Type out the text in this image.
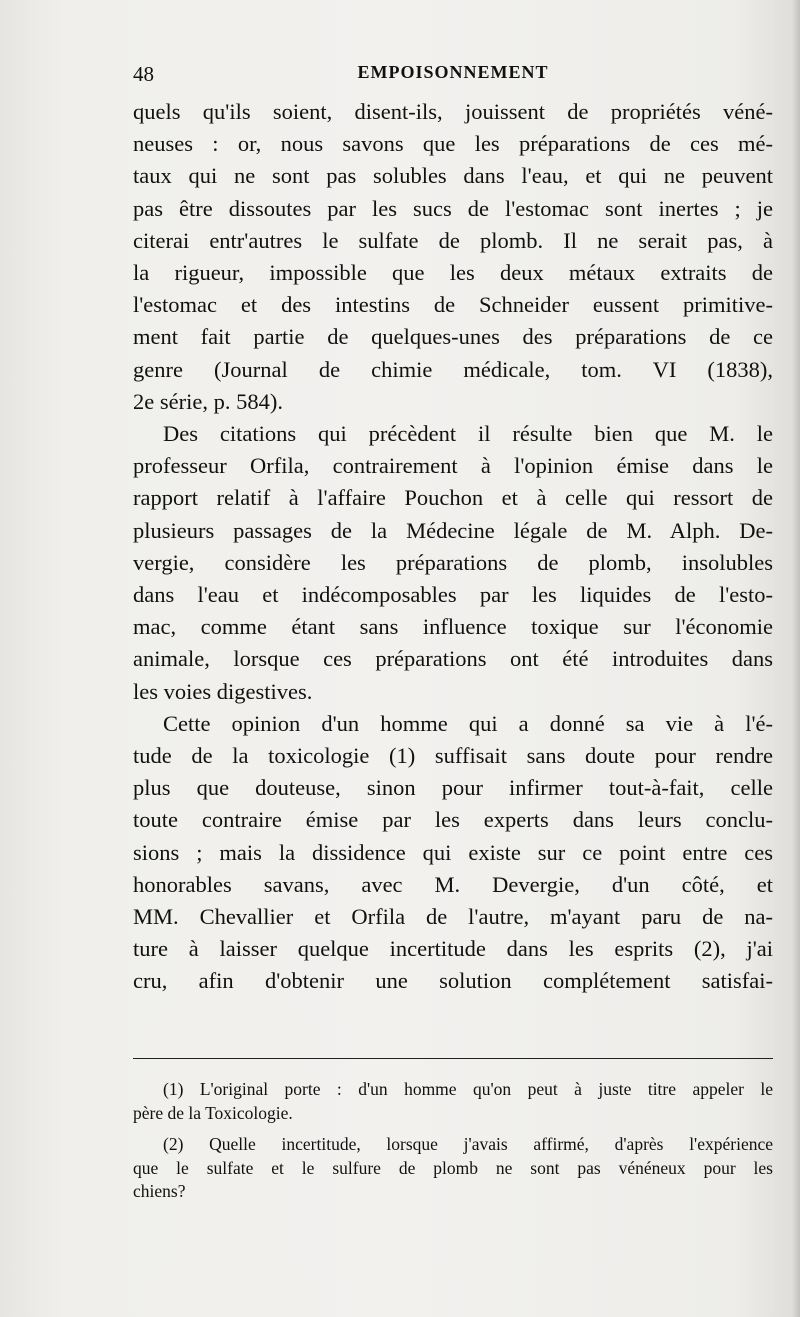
48	EMPOISONNEMENT

quels qu'ils soient, disent-ils, jouissent de propriétés véné-
neuses : or, nous savons que les préparations de ces mé-
taux qui ne sont pas solubles dans l'eau, et qui ne peuvent
pas être dissoutes par les sucs de l'estomac sont inertes ; je
citerai entr'autres le sulfate de plomb. Il ne serait pas, à
la rigueur, impossible que les deux métaux extraits de
l'estomac et des intestins de Schneider eussent primitive-
ment fait partie de quelques-unes des préparations de ce
genre (Journal de chimie médicale, tom. VI (1838),
2e série, p. 584).

Des citations qui précèdent il résulte bien que M. le
professeur Orfila, contrairement à l'opinion émise dans le
rapport relatif à l'affaire Pouchon et à celle qui ressort de
plusieurs passages de la Médecine légale de M. Alph. De-
vergie, considère les préparations de plomb, insolubles
dans l'eau et indécomposables par les liquides de l'esto-
mac, comme étant sans influence toxique sur l'économie
animale, lorsque ces préparations ont été introduites dans
les voies digestives.

Cette opinion d'un homme qui a donné sa vie à l'é-
tude de la toxicologie (1) suffisait sans doute pour rendre
plus que douteuse, sinon pour infirmer tout-à-fait, celle
toute contraire émise par les experts dans leurs conclu-
sions ; mais la dissidence qui existe sur ce point entre ces
honorables savans, avec M. Devergie, d'un côté, et
MM. Chevallier et Orfila de l'autre, m'ayant paru de na-
ture à laisser quelque incertitude dans les esprits (2), j'ai
cru, afin d'obtenir une solution complétement satisfai-

(1) L'original porte : d'un homme qu'on peut à juste titre appeler le
père de la Toxicologie.

(2) Quelle incertitude, lorsque j'avais affirmé, d'après l'expérience
que le sulfate et le sulfure de plomb ne sont pas vénéneux pour les
chiens?
